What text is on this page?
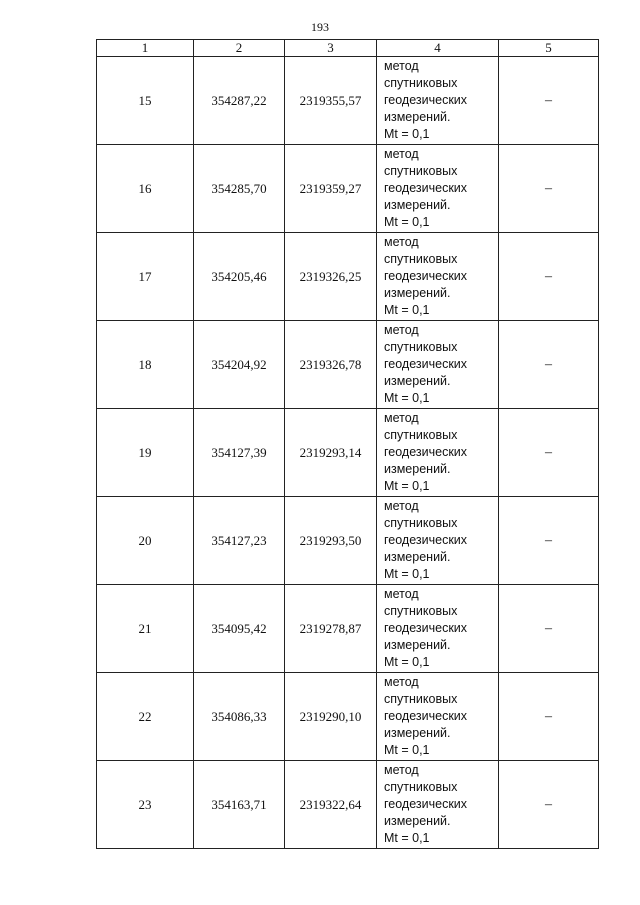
193
1	2	3	4	5
15	354287,22	2319355,57	метод
спутниковых
геодезических
измерений.
Mt = 0,1	–
16	354285,70	2319359,27	метод
спутниковых
геодезических
измерений.
Mt = 0,1	–
17	354205,46	2319326,25	метод
спутниковых
геодезических
измерений.
Mt = 0,1	–
18	354204,92	2319326,78	метод
спутниковых
геодезических
измерений.
Mt = 0,1	–
19	354127,39	2319293,14	метод
спутниковых
геодезических
измерений.
Mt = 0,1	–
20	354127,23	2319293,50	метод
спутниковых
геодезических
измерений.
Mt = 0,1	–
21	354095,42	2319278,87	метод
спутниковых
геодезических
измерений.
Mt = 0,1	–
22	354086,33	2319290,10	метод
спутниковых
геодезических
измерений.
Mt = 0,1	–
23	354163,71	2319322,64	метод
спутниковых
геодезических
измерений.
Mt = 0,1	–
